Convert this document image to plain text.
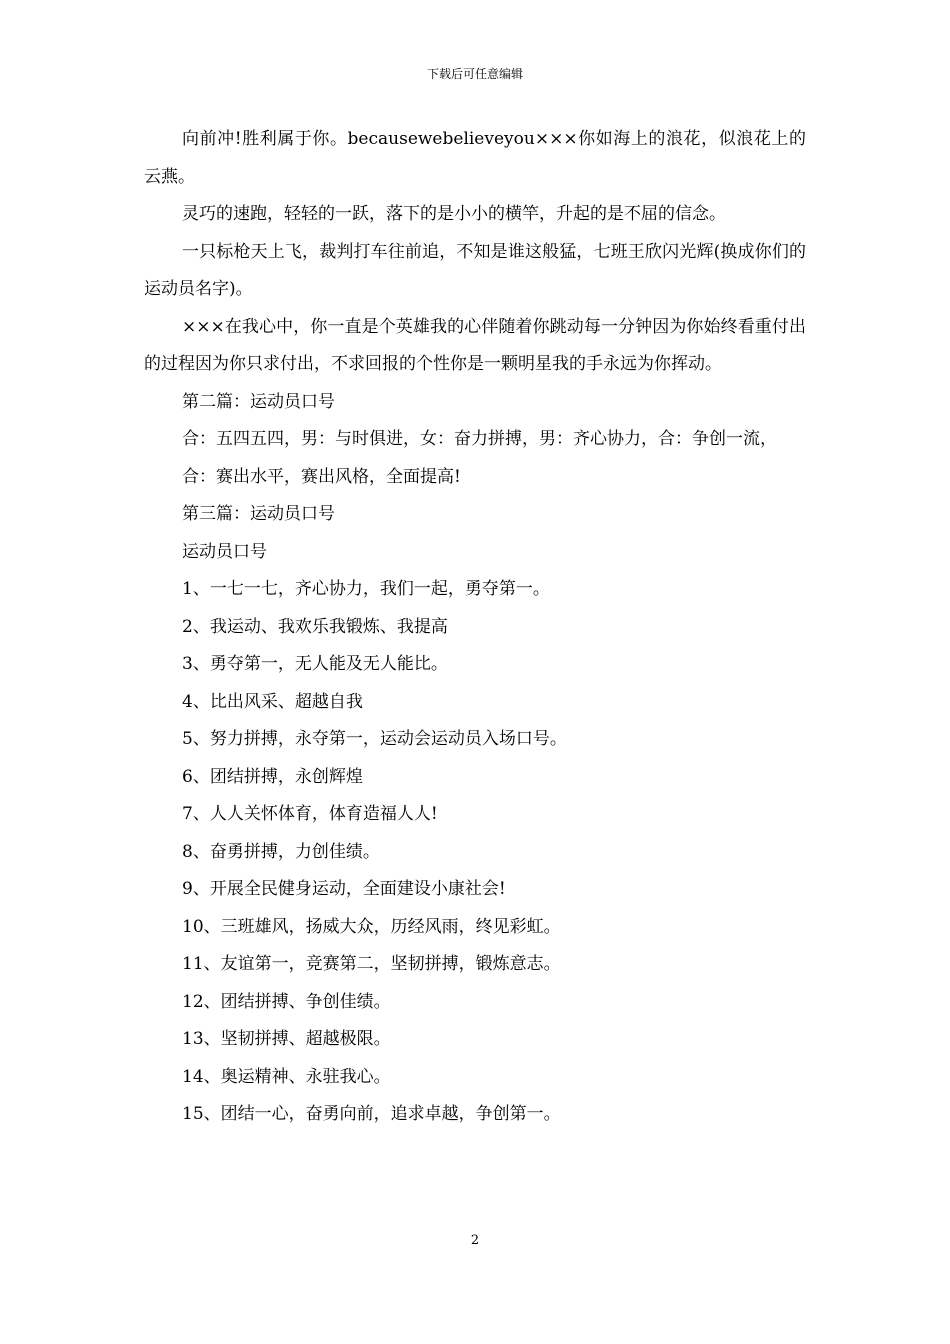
下载后可任意编辑

向前冲!胜利属于你。becausewebelieveyou×××你如海上的浪花，似浪花上的云燕。

灵巧的速跑，轻轻的一跃，落下的是小小的横竿，升起的是不屈的信念。

一只标枪天上飞，裁判打车往前追，不知是谁这般猛，七班王欣闪光辉(换成你们的运动员名字)。

×××在我心中，你一直是个英雄我的心伴随着你跳动每一分钟因为你始终看重付出的过程因为你只求付出，不求回报的个性你是一颗明星我的手永远为你挥动。

第二篇：运动员口号

合：五四五四，男：与时俱进，女：奋力拼搏，男：齐心协力，合：争创一流，

合：赛出水平，赛出风格，全面提高!

第三篇：运动员口号

运动员口号

1、一七一七，齐心协力，我们一起，勇夺第一。

2、我运动、我欢乐我锻炼、我提高

3、勇夺第一，无人能及无人能比。

4、比出风采、超越自我

5、努力拼搏，永夺第一，运动会运动员入场口号。

6、团结拼搏，永创辉煌

7、人人关怀体育，体育造福人人!

8、奋勇拼搏，力创佳绩。

9、开展全民健身运动，全面建设小康社会!

10、三班雄风，扬威大众，历经风雨，终见彩虹。

11、友谊第一，竞赛第二，坚韧拼搏，锻炼意志。

12、团结拼搏、争创佳绩。

13、坚韧拼搏、超越极限。

14、奥运精神、永驻我心。

15、团结一心，奋勇向前，追求卓越，争创第一。

2
